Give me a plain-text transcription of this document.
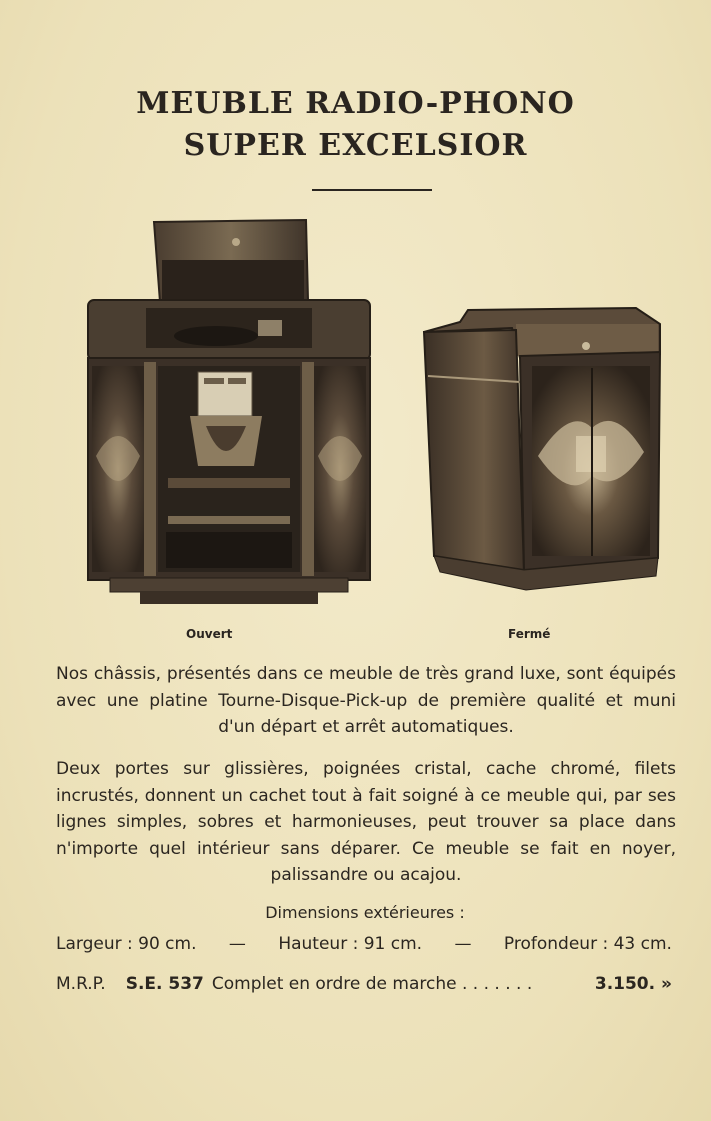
MEUBLE RADIO-PHONO
SUPER EXCELSIOR
Ouvert	Fermé

Nos châssis, présentés dans ce meuble de très grand luxe, sont équipés avec une platine Tourne-Disque-Pick-up de première qualité et muni d'un départ et arrêt automatiques.

Deux portes sur glissières, poignées cristal, cache chromé, filets incrustés, donnent un cachet tout à fait soigné à ce meuble qui, par ses lignes simples, sobres et harmonieuses, peut trouver sa place dans n'importe quel intérieur sans déparer. Ce meuble se fait en noyer, palissandre ou acajou.

Dimensions extérieures :
Largeur : 90 cm. — Hauteur : 91 cm. — Profondeur : 43 cm.
M.R.P. S.E. 537 Complet en ordre de marche . . . . . . .	3.150. »
